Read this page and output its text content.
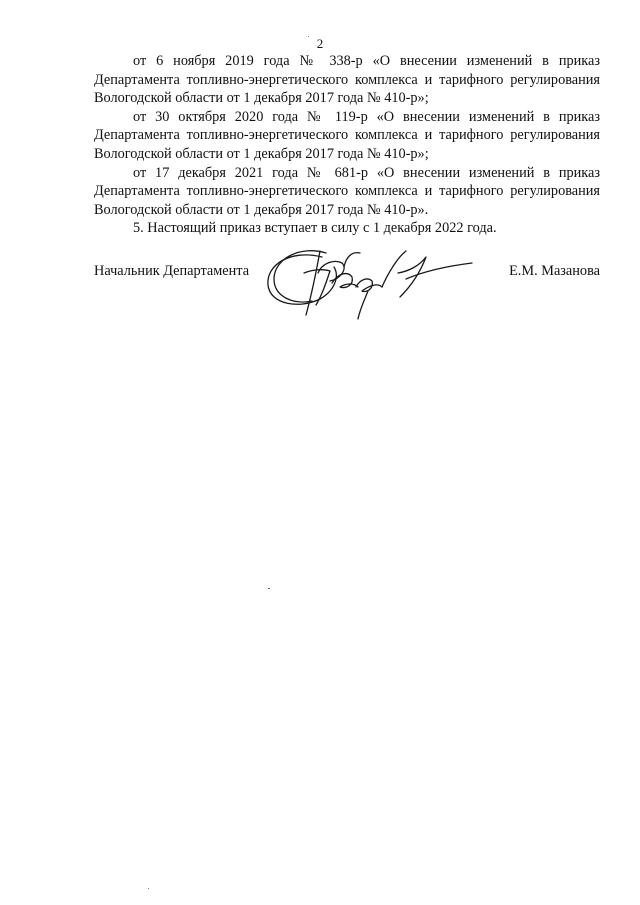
2

от 6 ноября 2019 года № 338-р «О внесении изменений в приказ Департамента топливно-энергетического комплекса и тарифного регулирования Вологодской области от 1 декабря 2017 года № 410-р»;

от 30 октября 2020 года № 119-р «О внесении изменений в приказ Департамента топливно-энергетического комплекса и тарифного регулирования Вологодской области от 1 декабря 2017 года № 410-р»;

от 17 декабря 2021 года № 681-р «О внесении изменений в приказ Департамента топливно-энергетического комплекса и тарифного регулирования Вологодской области от 1 декабря 2017 года № 410-р».

5. Настоящий приказ вступает в силу с 1 декабря 2022 года.

Начальник Департамента	Е.М. Мазанова
